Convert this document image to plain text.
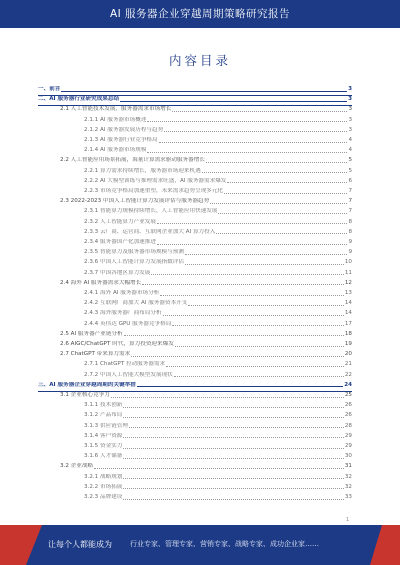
AI 服务器企业穿越周期策略研究报告
内容目录
一、前言	3
二、AI 服务器行业研究成果总结	3
2.1 人工智能技术发展，服务器需求市场增长	3
2.1.1 AI 服务器市场概述	3
2.1.2 AI 服务器发展历程与趋势	3
2.1.3 AI 服务器行业竞争格局	4
2.1.4 AI 服务器市场规模	4
2.2 人工智能应用场景拓展，海量计算需求驱动服务器增长	5
2.2.1 算力需求持续增长，服务器市场迎来机遇	5
2.2.2 AI 大模型训练与推理需求旺盛，AI 服务器需求爆发	6
2.2.3 市场竞争格局加速重塑，未来需求趋势呈现多元化	7
2.3 2022-2023 中国人工智能计算力发展评估与服务器趋势	7
2.3.1 智能算力规模持续增长，人工智能应用快速发展	7
2.3.2 人工智能算力产业发展	8
2.3.3 云厂商、运营商、互联网企业加大 AI 算力投入	8
2.3.4 服务器国产化加速推进	9
2.3.5 智能算力及服务器市场规模与预测	9
2.3.6 中国人工智能计算力发展指数评估	10
2.3.7 中国各地区算力发展	11
2.4 海外 AI 服务器需求大幅增长	12
2.4.1 海外 AI 服务器市场分析	13
2.4.2 互联网厂商加大 AI 服务器资本开支	14
2.4.3 海外服务器厂商布局分析	14
2.4.4 英伟达 GPU 服务器竞争格局	17
2.5 AI 服务器产业链分析	18
2.6 AIGC/ChatGPT 时代，算力投资迎来爆发	19
2.7 ChatGPT 带来算力需求	20
2.7.1 ChatGPT 拉动服务器需求	21
2.7.2 中国人工智能大模型发展现状	22
三、AI 服务器企业穿越周期的关键举措	24
3.1 企业核心竞争力	25
3.1.1 技术创新	26
3.1.2 产品布局	26
3.1.3 供应链管理	28
3.1.4 客户资源	29
3.1.5 资金实力	29
3.1.6 人才储备	30
3.2 企业战略	31
3.2.1 战略规划	32
3.2.2 市场拓展	32
3.2.3 品牌建设	33
1
让每个人都能成为	行业专家、管理专家、营销专家、战略专家、成功企业家……
